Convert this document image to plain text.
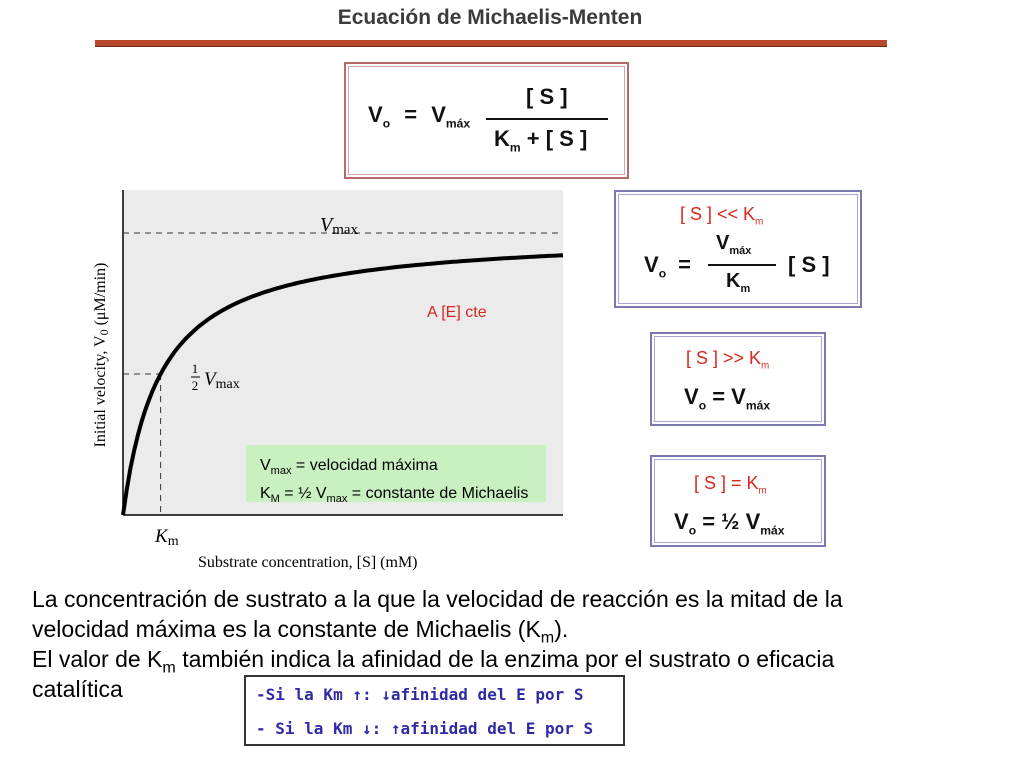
Ecuación de Michaelis-Menten
$V_o = V_{máx}$
[ S ]
$K_m$ + [ S ]
[ S ] << $K_m$
$V_o$ =
$V_{máx}$
$K_m$
[ S ]
[ S ] >> $K_m$
$V_o = V_{máx}$
[ S ] = $K_m$
$V_o$ = ½ $V_{máx}$
Vmax
1
2 Vmax
Km
Substrate concentration, [S] (mM)
Initial velocity, V0 (μM/min)	A [E] cte
$V_{max}$ = velocidad máxima
$K_M$ = ½ $V_{max}$ = constante de Michaelis
La concentración de sustrato a la que la velocidad de reacción es la mitad de la
velocidad máxima es la constante de Michaelis $(K_m)$.
El valor de $K_m$ también indica la afinidad de la enzima por el sustrato o eficacia
catalítica	-Si la Km ↑: ↓afinidad del E por S
- Si la Km ↓: ↑afinidad del E por S
